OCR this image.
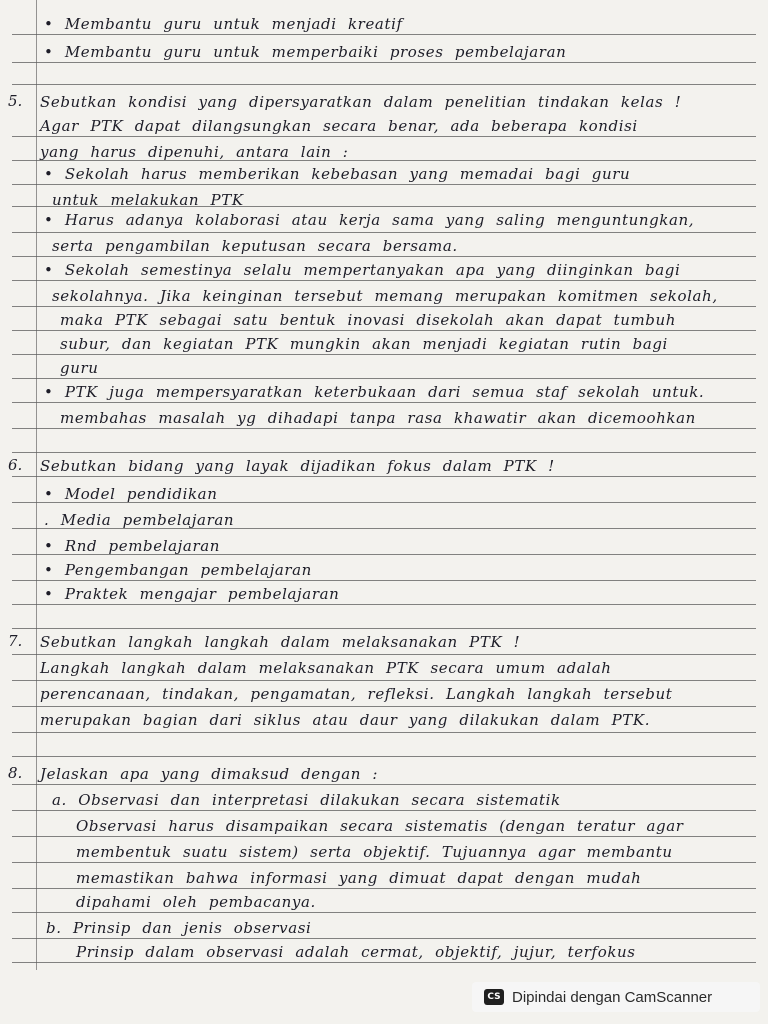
• Membantu guru untuk menjadi kreatif
• Membantu guru untuk memperbaiki proses pembelajaran
5. Sebutkan kondisi yang dipersyaratkan dalam penelitian tindakan kelas !
Agar PTK dapat dilangsungkan secara benar, ada beberapa kondisi
yang harus dipenuhi, antara lain :
• Sekolah harus memberikan kebebasan yang memadai bagi guru
untuk melakukan PTK
• Harus adanya kolaborasi atau kerja sama yang saling menguntungkan,
serta pengambilan keputusan secara bersama.
• Sekolah semestinya selalu mempertanyakan apa yang diinginkan bagi
sekolahnya. Jika keinginan tersebut memang merupakan komitmen sekolah,
maka PTK sebagai satu bentuk inovasi disekolah akan dapat tumbuh
subur, dan kegiatan PTK mungkin akan menjadi kegiatan rutin bagi
guru
• PTK juga mempersyaratkan keterbukaan dari semua staf sekolah untuk.
membahas masalah yg dihadapi tanpa rasa khawatir akan dicemoohkan
6. Sebutkan bidang yang layak dijadikan fokus dalam PTK !
• Model pendidikan
. Media pembelajaran
• Rnd pembelajaran
• Pengembangan pembelajaran
• Praktek mengajar pembelajaran
7. Sebutkan langkah langkah dalam melaksanakan PTK !
Langkah langkah dalam melaksanakan PTK secara umum adalah
perencanaan, tindakan, pengamatan, refleksi. Langkah langkah tersebut
merupakan bagian dari siklus atau daur yang dilakukan dalam PTK.
8. Jelaskan apa yang dimaksud dengan :
a. Observasi dan interpretasi dilakukan secara sistematik
Observasi harus disampaikan secara sistematis (dengan teratur agar
membentuk suatu sistem) serta objektif. Tujuannya agar membantu
memastikan bahwa informasi yang dimuat dapat dengan mudah
dipahami oleh pembacanya.
b. Prinsip dan jenis observasi
Prinsip dalam observasi adalah cermat, objektif, jujur, terfokus
CS Dipindai dengan CamScanner
